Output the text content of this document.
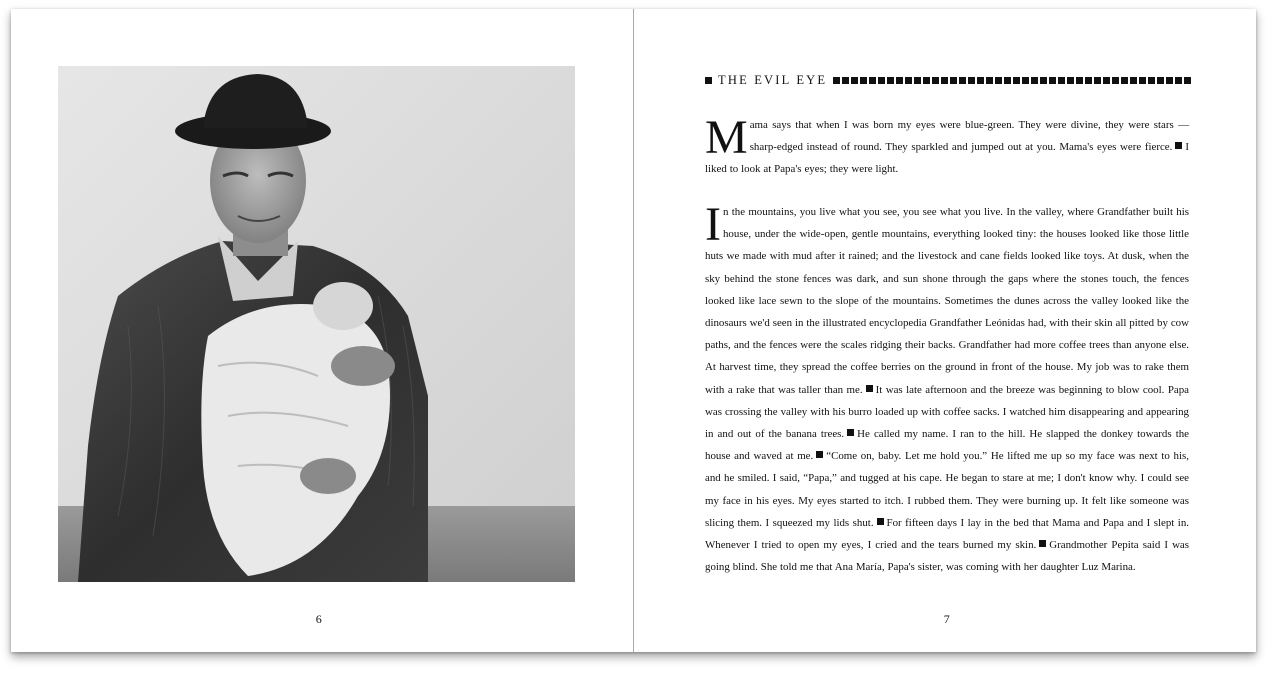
6
THE EVIL EYE
Mama says that when I was born my eyes were blue-green. They were divine, they were stars — sharp-edged instead of round. They sparkled and jumped out at you. Mama's eyes were fierce. I liked to look at Papa's eyes; they were light.
In the mountains, you live what you see, you see what you live. In the valley, where Grandfather built his house, under the wide-open, gentle mountains, everything looked tiny: the houses looked like those little huts we made with mud after it rained; and the livestock and cane fields looked like toys. At dusk, when the sky behind the stone fences was dark, and sun shone through the gaps where the stones touch, the fences looked like lace sewn to the slope of the mountains. Sometimes the dunes across the valley looked like the dinosaurs we'd seen in the illustrated encyclopedia Grandfather Leónidas had, with their skin all pitted by cow paths, and the fences were the scales ridging their backs. Grandfather had more coffee trees than anyone else. At harvest time, they spread the coffee berries on the ground in front of the house. My job was to rake them with a rake that was taller than me. It was late afternoon and the breeze was beginning to blow cool. Papa was crossing the valley with his burro loaded up with coffee sacks. I watched him disappearing and appearing in and out of the banana trees. He called my name. I ran to the hill. He slapped the donkey towards the house and waved at me. “Come on, baby. Let me hold you.” He lifted me up so my face was next to his, and he smiled. I said, “Papa,” and tugged at his cape. He began to stare at me; I don't know why. I could see my face in his eyes. My eyes started to itch. I rubbed them. They were burning up. It felt like someone was slicing them. I squeezed my lids shut. For fifteen days I lay in the bed that Mama and Papa and I slept in. Whenever I tried to open my eyes, I cried and the tears burned my skin. Grandmother Pepita said I was going blind. She told me that Ana María, Papa's sister, was coming with her daughter Luz Marina.
7
